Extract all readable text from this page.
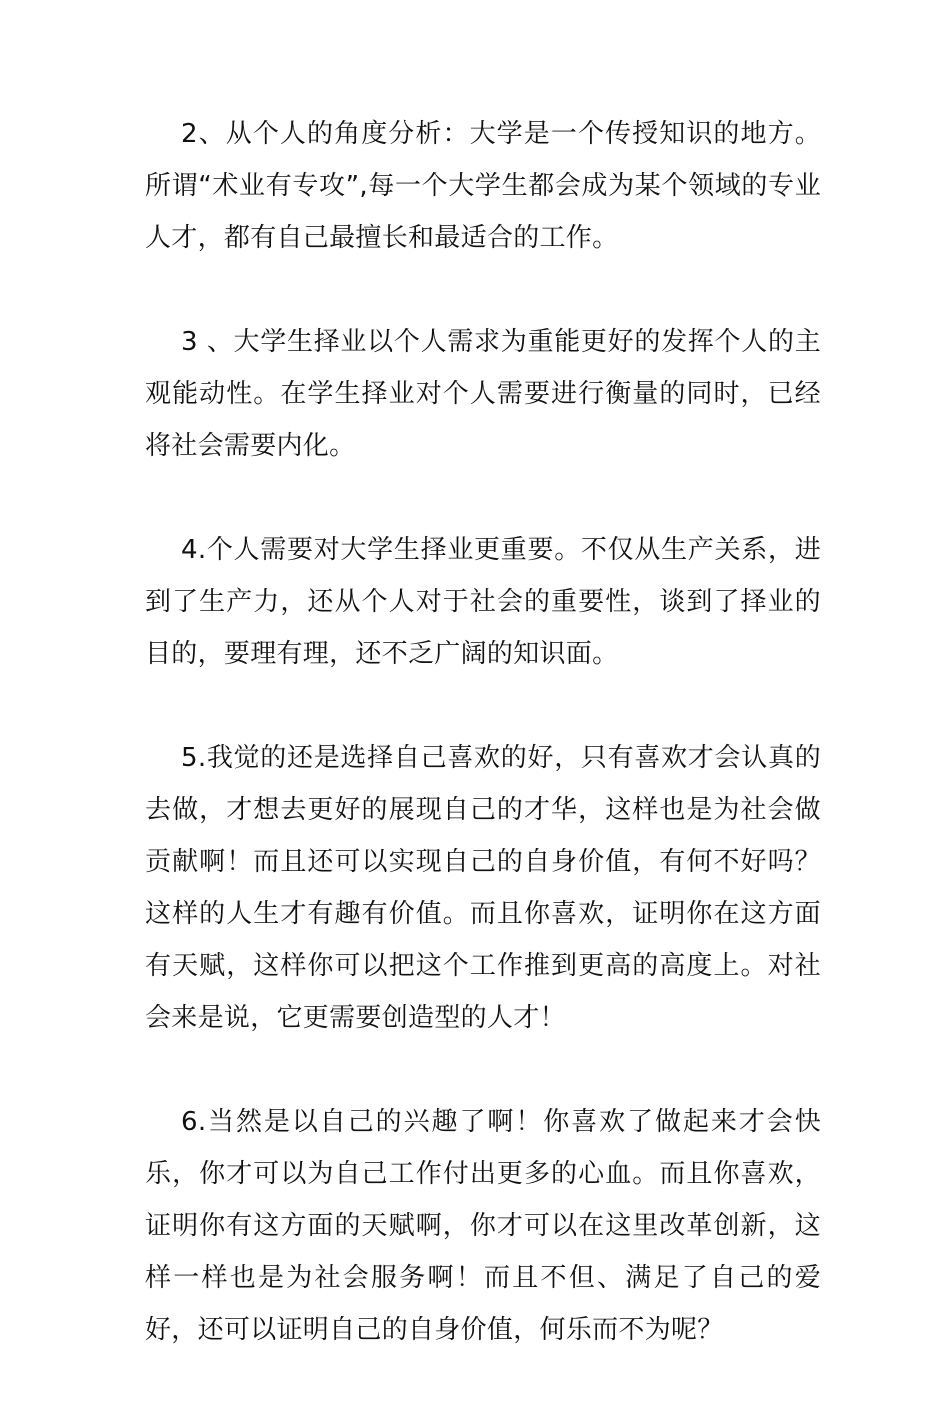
2、从个人的角度分析：大学是一个传授知识的地方。所谓“术业有专攻”,每一个大学生都会成为某个领域的专业人才，都有自己最擅长和最适合的工作。

3 、大学生择业以个人需求为重能更好的发挥个人的主观能动性。在学生择业对个人需要进行衡量的同时，已经将社会需要内化。

4.个人需要对大学生择业更重要。不仅从生产关系，进到了生产力，还从个人对于社会的重要性，谈到了择业的目的，要理有理，还不乏广阔的知识面。

5.我觉的还是选择自己喜欢的好，只有喜欢才会认真的去做，才想去更好的展现自己的才华，这样也是为社会做贡献啊！而且还可以实现自己的自身价值，有何不好吗？这样的人生才有趣有价值。而且你喜欢，证明你在这方面有天赋，这样你可以把这个工作推到更高的高度上。对社会来是说，它更需要创造型的人才！

6.当然是以自己的兴趣了啊！你喜欢了做起来才会快乐，你才可以为自己工作付出更多的心血。而且你喜欢，证明你有这方面的天赋啊，你才可以在这里改革创新，这样一样也是为社会服务啊！而且不但、满足了自己的爱好，还可以证明自己的自身价值，何乐而不为呢？
